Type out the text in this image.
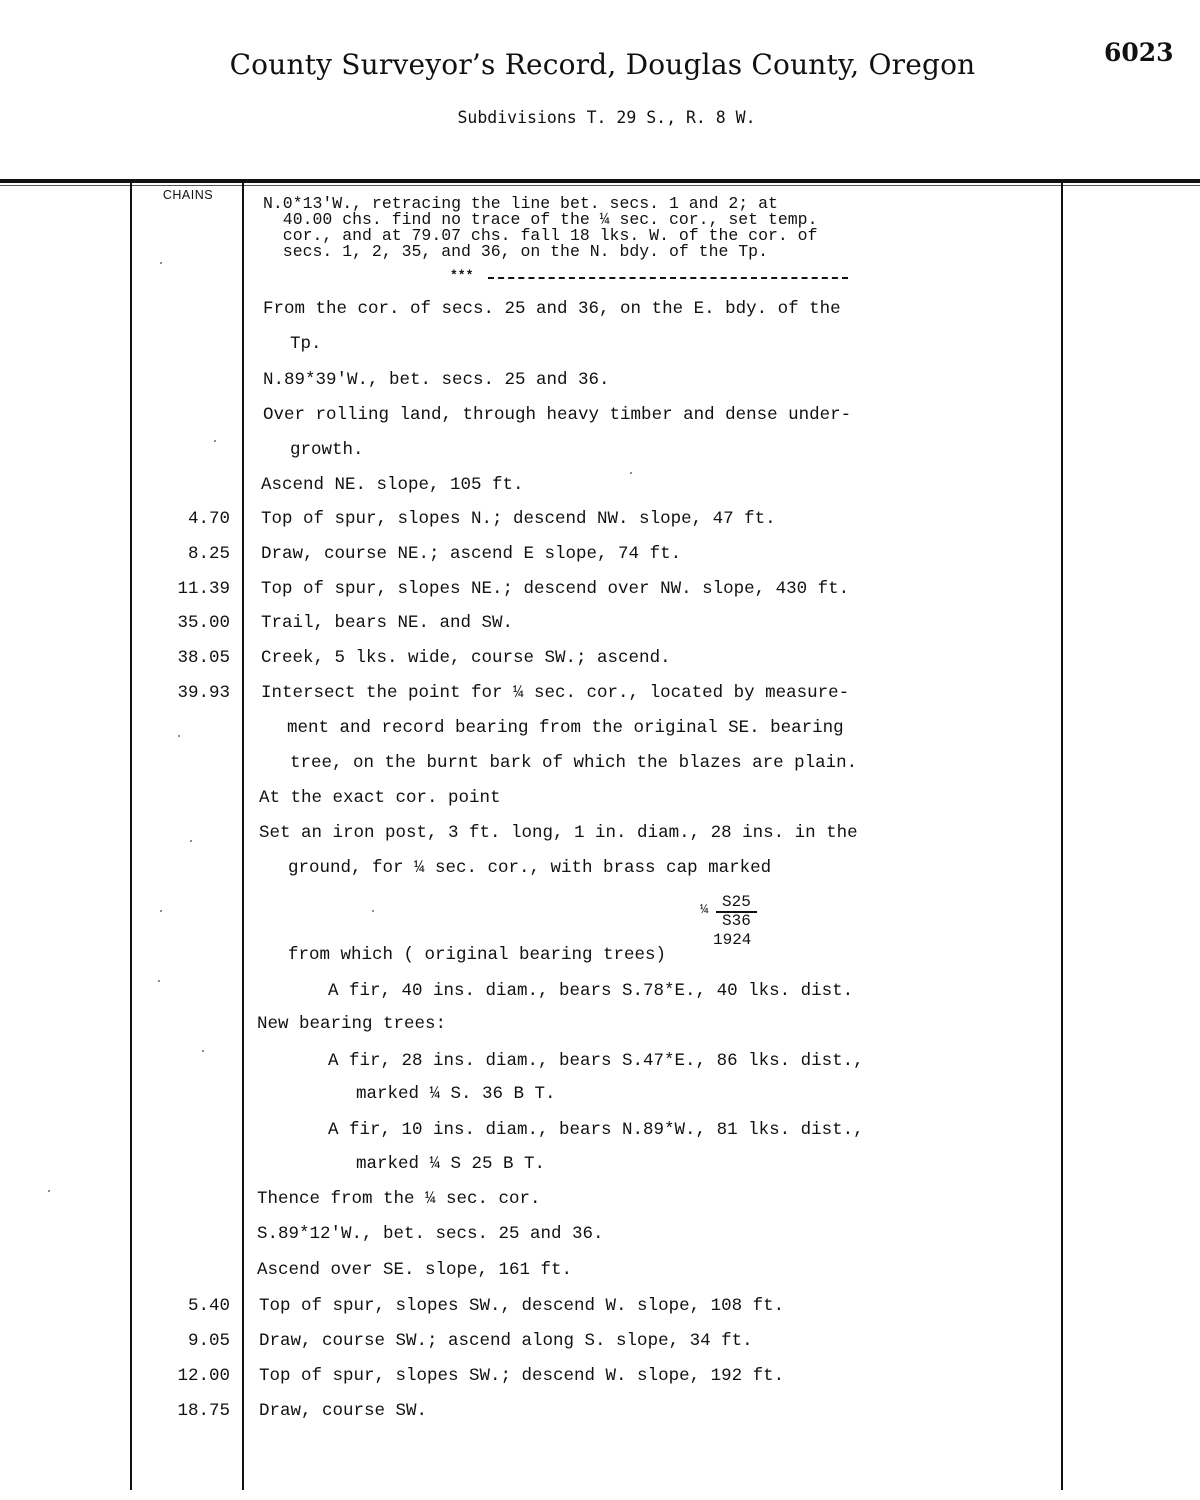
County Surveyor’s Record, Douglas County, Oregon	6023
Subdivisions T. 29 S., R. 8 W.
CHAINS	N.0*13'W., retracing the line bet. secs. 1 and 2; at
40.00 chs. find no trace of the ¼ sec. cor., set temp.
cor., and at 79.07 chs. fall 18 lks. W. of the cor. of
secs. 1, 2, 35, and 36, on the N. bdy. of the Tp.
***
From the cor. of secs. 25 and 36, on the E. bdy. of the
Tp.
N.89*39'W., bet. secs. 25 and 36.
Over rolling land, through heavy timber and dense under-
growth.
Ascend NE. slope, 105 ft.
4.70 Top of spur, slopes N.; descend NW. slope, 47 ft.
8.25 Draw, course NE.; ascend E slope, 74 ft.
11.39 Top of spur, slopes NE.; descend over NW. slope, 430 ft.
35.00 Trail, bears NE. and SW.
38.05 Creek, 5 lks. wide, course SW.; ascend.
39.93 Intersect the point for ¼ sec. cor., located by measure-
ment and record bearing from the original SE. bearing
tree, on the burnt bark of which the blazes are plain.
At the exact cor. point
Set an iron post, 3 ft. long, 1 in. diam., 28 ins. in the
ground, for ¼ sec. cor., with brass cap marked
from which ( original bearing trees)
A fir, 40 ins. diam., bears S.78*E., 40 lks. dist.
New bearing trees:
A fir, 28 ins. diam., bears S.47*E., 86 lks. dist.,
marked ¼ S. 36 B T.
A fir, 10 ins. diam., bears N.89*W., 81 lks. dist.,
marked ¼ S 25 B T.
Thence from the ¼ sec. cor.
S.89*12'W., bet. secs. 25 and 36.
Ascend over SE. slope, 161 ft.
5.40 Top of spur, slopes SW., descend W. slope, 108 ft.
9.05 Draw, course SW.; ascend along S. slope, 34 ft.
12.00 Top of spur, slopes SW.; descend W. slope, 192 ft.
18.75 Draw, course SW.
¼ $\frac{S25}{S36}$
1924
